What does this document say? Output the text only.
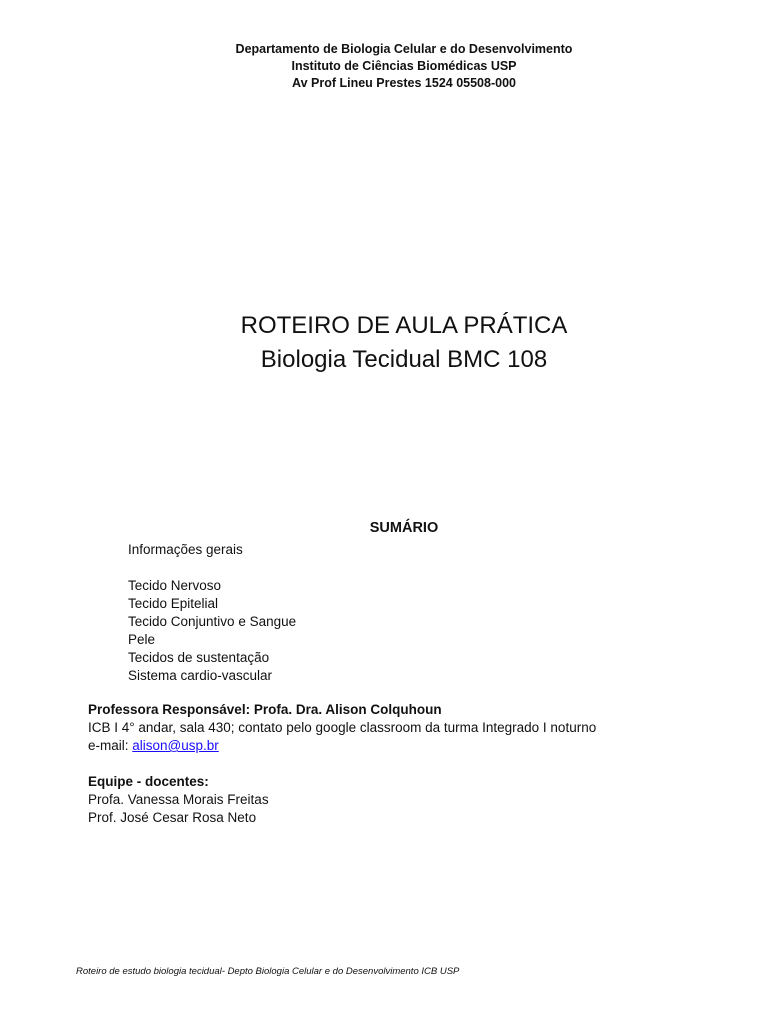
Departamento de Biologia Celular e do Desenvolvimento
Instituto de Ciências Biomédicas USP
Av Prof Lineu Prestes 1524 05508-000
ROTEIRO DE AULA PRÁTICA
Biologia Tecidual BMC 108
SUMÁRIO
Informações gerais
Tecido Nervoso
Tecido Epitelial
Tecido Conjuntivo e Sangue
Pele
Tecidos de sustentação
Sistema cardio-vascular
Professora Responsável: Profa. Dra. Alison Colquhoun
ICB I 4° andar, sala 430; contato pelo google classroom da turma Integrado I noturno
e-mail: alison@usp.br
Equipe - docentes:
Profa. Vanessa Morais Freitas
Prof. José Cesar Rosa Neto
Roteiro de estudo biologia tecidual- Depto Biologia Celular e do Desenvolvimento ICB USP
